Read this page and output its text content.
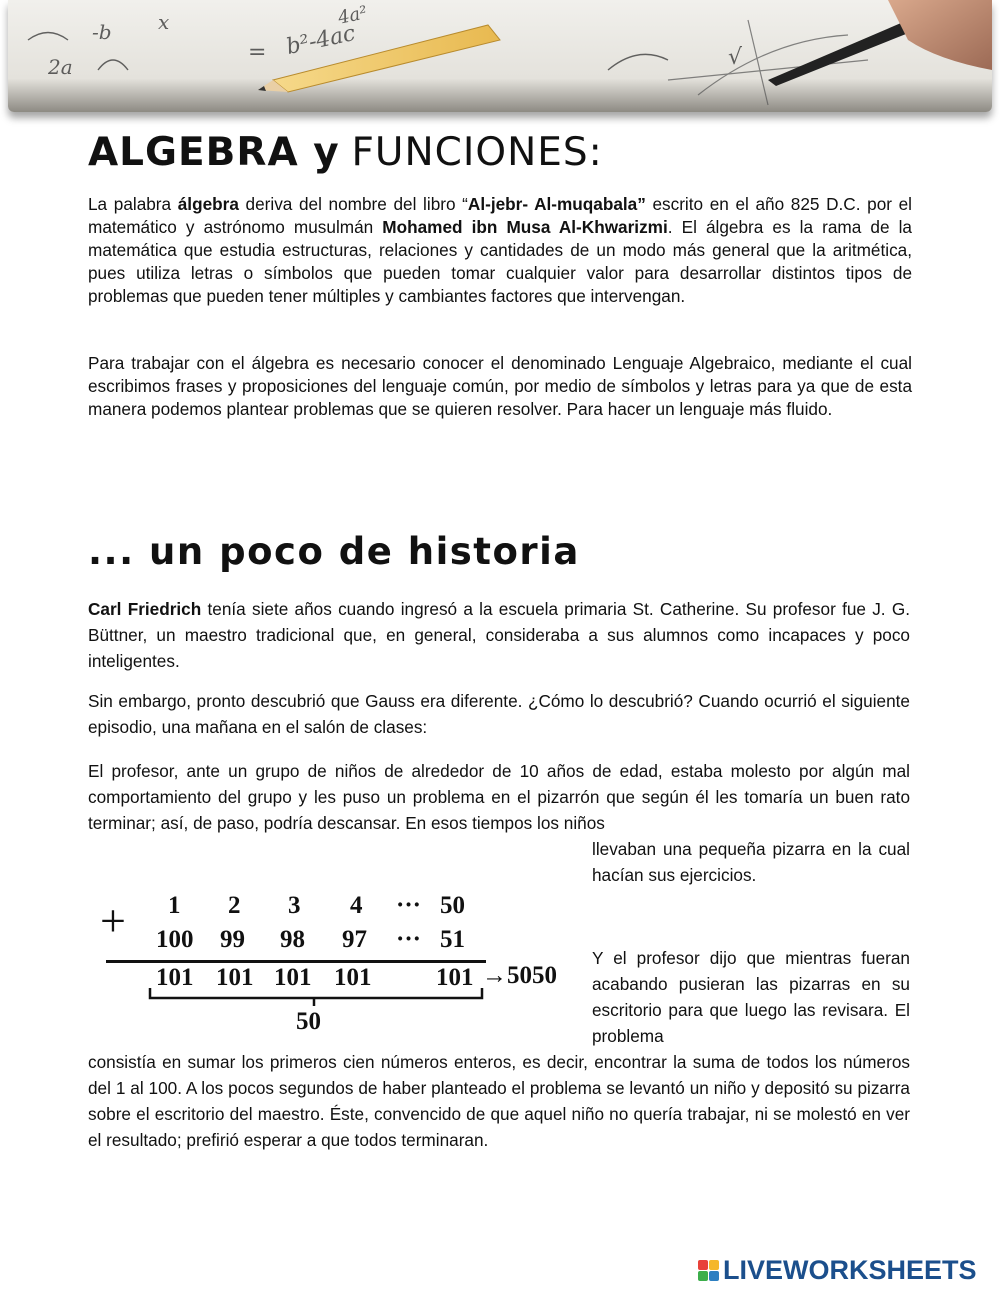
2a
b²-4ac
4a²
x
-b
=	√
ALGEBRA y FUNCIONES:

La palabra álgebra deriva del nombre del libro “Al-jebr- Al-muqabala” escrito en el año 825 D.C. por el matemático y astrónomo musulmán Mohamed ibn Musa Al-Khwarizmi. El álgebra es la rama de la matemática que estudia estructuras, relaciones y cantidades de un modo más general que la aritmética, pues utiliza letras o símbolos que pueden tomar cualquier valor para desarrollar distintos tipos de problemas que pueden tener múltiples y cambiantes factores que intervengan.

Para trabajar con el álgebra es necesario conocer el denominado Lenguaje Algebraico, mediante el cual escribimos frases y proposiciones del lenguaje común, por medio de símbolos y letras para ya que de esta manera podemos plantear problemas que se quieren resolver. Para hacer un lenguaje más fluido.

... un poco de historia

Carl Friedrich tenía siete años cuando ingresó a la escuela primaria St. Catherine. Su profesor fue J. G. Büttner, un maestro tradicional que, en general, consideraba a sus alumnos como incapaces y poco inteligentes.

Sin embargo, pronto descubrió que Gauss era diferente. ¿Cómo lo descubrió? Cuando ocurrió el siguiente episodio, una mañana en el salón de clases:

El profesor, ante un grupo de niños de alrededor de 10 años de edad, estaba molesto por algún mal comportamiento del grupo y les puso un problema en el pizarrón que según él les tomaría un buen rato terminar; así, de paso, podría descansar. En esos tiempos los niños

llevaban una pequeña pizarra en la cual hacían sus ejercicios.

Y el profesor dijo que mientras fueran acabando pusieran las pizarras en su escritorio para que luego las revisara. El problema

consistía en sumar los primeros cien números enteros, es decir, encontrar la suma de todos los números del 1 al 100. A los pocos segundos de haber planteado el problema se levantó un niño y depositó su pizarra sobre el escritorio del maestro. Éste, convencido de que aquel niño no quería trabajar, ni se molestó en ver el resultado; prefirió esperar a que todos terminaran.

+ 1 2 3 4 ··· 50
100 99 98 97 ··· 51
101 101 101 101	101 →5050
50
LIVEWORKSHEETS
